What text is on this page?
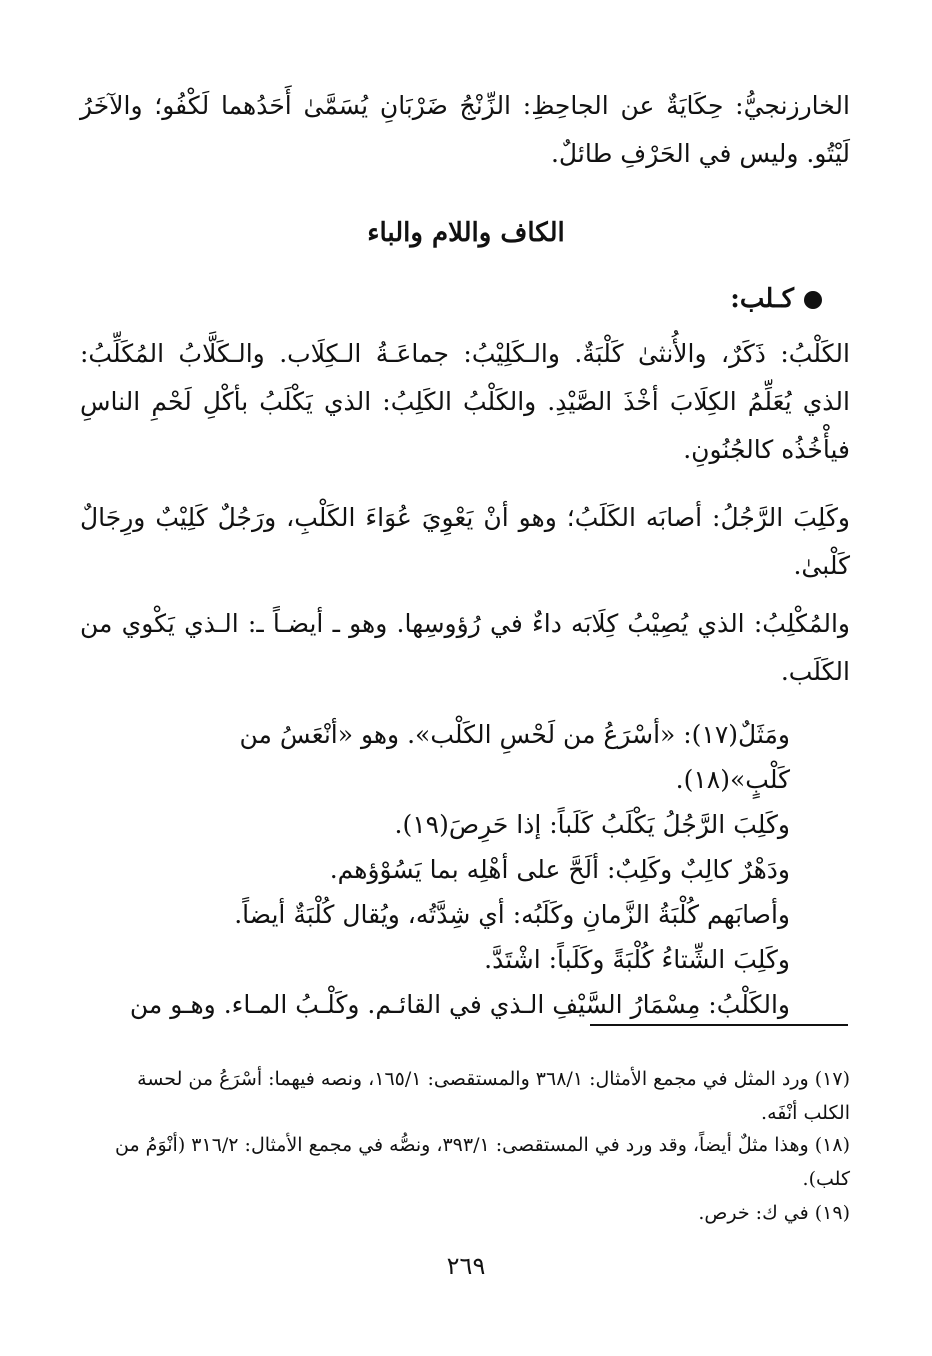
الخارزنجيُّ: حِكَايَةٌ عن الجاحِظِ: الزِّنْجُ ضَرْبَانِ يُسَمَّىٰ أَحَدُهما لَكْفُو؛ والآخَرُ لَيْتُو. وليس في الحَرْفِ طائلٌ.
الكاف واللام والباء
كـلب:
الكَلْبُ: ذَكَرٌ، والأُنثىٰ كَلْبَةٌ. والـكَلِيْبُ: جماعَـةُ الـكِلَاب. والـكَلَّابُ المُكَلِّبُ: الذي يُعَلِّمُ الكِلَابَ أخْذَ الصَّيْدِ. والكَلْبُ الكَلِبُ: الذي يَكْلَبُ بأكْلِ لَحْمِ الناسِ فيأْخُذُه كالجُنُونِ.
وكَلِبَ الرَّجُلُ: أصابَه الكَلَبُ؛ وهو أنْ يَعْوِيَ عُوَاءَ الكَلْبِ، ورَجُلٌ كَلِيْبٌ ورِجَالٌ كَلْبىٰ.
والمُكْلِبُ: الذي يُصِيْبُ كِلَابَه داءٌ في رُؤوسِها. وهو ـ أيضـاً ـ: الـذي يَكْوي من الكَلَب.
ومَثَلٌ(١٧): «أسْرَعُ من لَحْسِ الكَلْب». وهو «أنْعَسُ من كَلْبٍ»(١٨).
وكَلِبَ الرَّجُلُ يَكْلَبُ كَلَباً: إذا حَرِصَ(١٩).
ودَهْرٌ كالِبٌ وكَلِبٌ: ألَحَّ على أهْلِه بما يَسُوْؤهم.
وأصابَهم كُلْبَةُ الزَّمانِ وكَلَبُه: أي شِدَّتُه، ويُقال كُلْبَةٌ أيضاً.
وكَلِبَ الشِّتاءُ كُلْبَةً وكَلَباً: اشْتَدَّ.
والكَلْبُ: مِسْمَارُ السَّيْفِ الـذي في القائـم. وكَلْـبُ المـاء. وهـو من
(١٧) ورد المثل في مجمع الأمثال: ٣٦٨/١ والمستقصى: ١٦٥/١، ونصه فيهما: أسْرَعُ من لحسة الكلب أنْفَه.
(١٨) وهذا مثلٌ أيضاً، وقد ورد في المستقصى: ٣٩٣/١، ونصُّه في مجمع الأمثال: ٣١٦/٢ (أنْوَمُ من كلب).
(١٩) في ك: خرص.
٢٦٩
